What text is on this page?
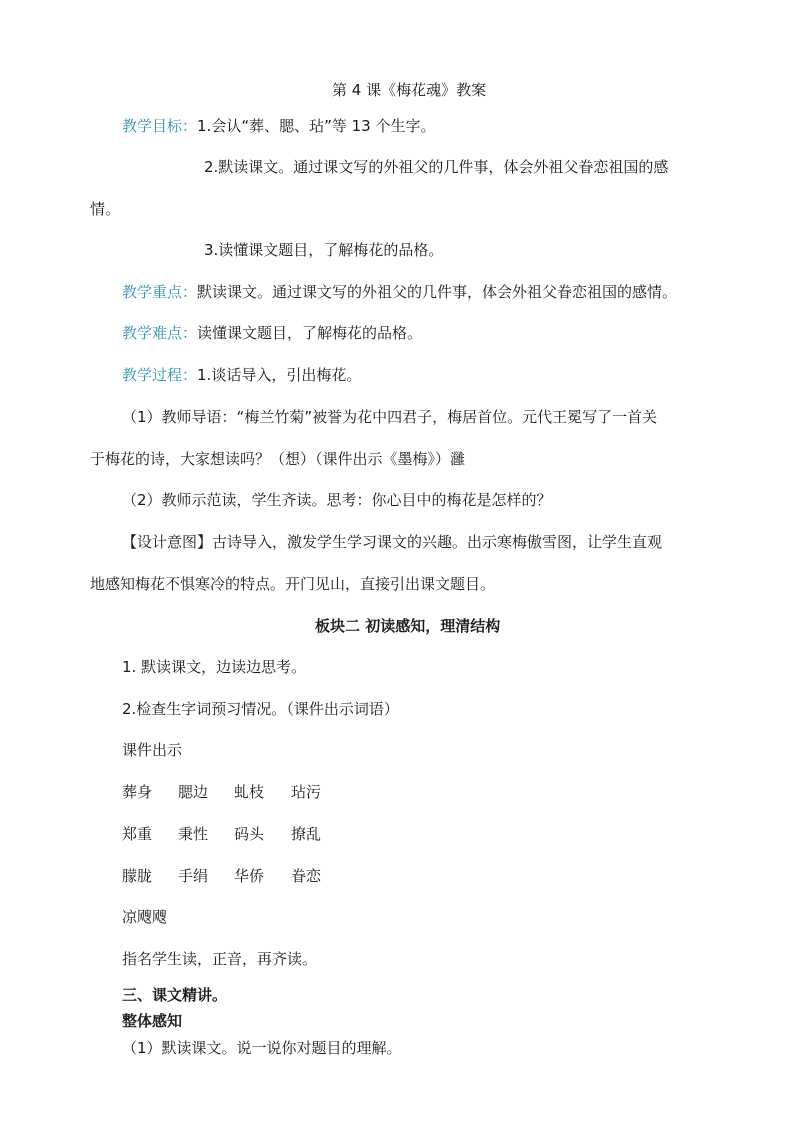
第 4 课《梅花魂》教案
教学目标：1.会认“葬、腮、玷”等 13 个生字。
2.默读课文。通过课文写的外祖父的几件事，体会外祖父眷恋祖国的感
情。
3.读懂课文题目，了解梅花的品格。
教学重点：默读课文。通过课文写的外祖父的几件事，体会外祖父眷恋祖国的感情。
教学难点：读懂课文题目，了解梅花的品格。
教学过程：1.谈话导入，引出梅花。
（1）教师导语：“梅兰竹菊”被誉为花中四君子，梅居首位。元代王冕写了一首关
于梅花的诗，大家想读吗？（想）（课件出示《墨梅》）灉
（2）教师示范读，学生齐读。思考：你心目中的梅花是怎样的？
【设计意图】古诗导入，激发学生学习课文的兴趣。出示寒梅傲雪图，让学生直观
地感知梅花不惧寒冷的特点。开门见山，直接引出课文题目。
板块二 初读感知，理清结构
1. 默读课文，边读边思考。
2.检查生字词预习情况。（课件出示词语）
课件出示
葬身 腮边 虬枝 玷污
郑重 秉性 码头 撩乱
朦胧 手绢 华侨 眷恋
凉飕飕
指名学生读，正音，再齐读。
三、课文精讲。
整体感知
（1）默读课文。说一说你对题目的理解。
